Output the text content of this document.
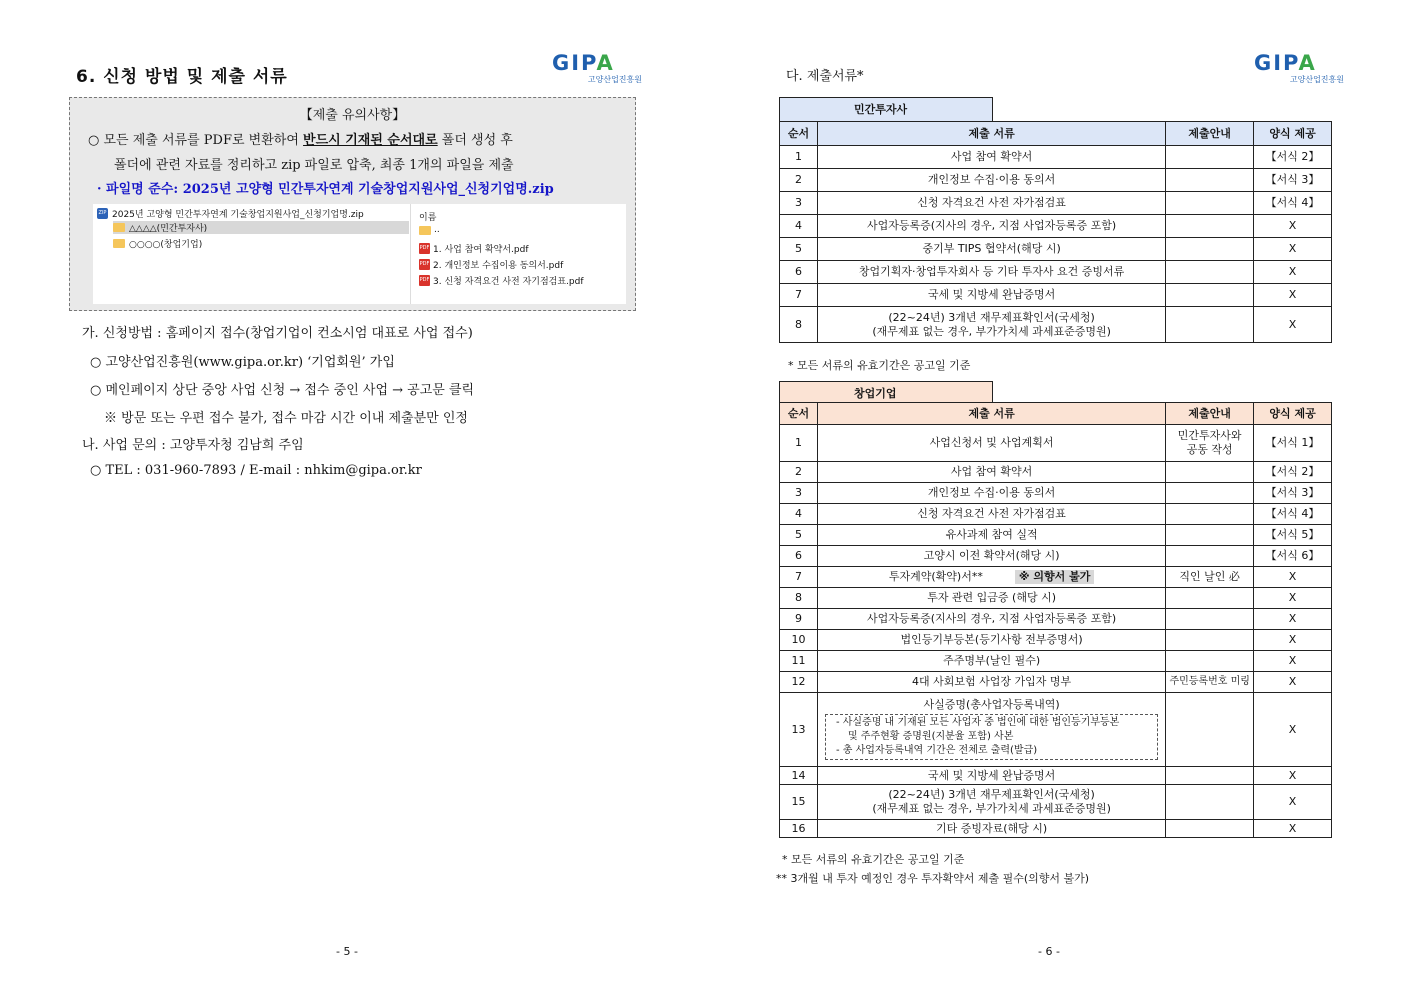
6. 신청 방법 및 제출 서류
GIPA
고양산업진흥원
【제출 유의사항】
○ 모든 제출 서류를 PDF로 변환하여 반드시 기재된 순서대로 폴더 생성 후
폴더에 관련 자료를 정리하고 zip 파일로 압축, 최종 1개의 파일을 제출
· 파일명 준수: 2025년 고양형 민간투자연계 기술창업지원사업_신청기업명.zip
ZIP 2025년 고양형 민간투자연계 기술창업지원사업_신청기업명.zip
△△△△(민간투자사)
○○○○(창업기업)
이름
..
PDF 1. 사업 참여 확약서.pdf
PDF 2. 개인정보 수집이용 동의서.pdf
PDF 3. 신청 자격요건 사전 자기점검표.pdf
가. 신청방법 : 홈페이지 접수(창업기업이 컨소시엄 대표로 사업 접수)
○ 고양산업진흥원(www.gipa.or.kr) ‘기업회원’ 가입
○ 메인페이지 상단 중앙 사업 신청 → 접수 중인 사업 → 공고문 클릭
※ 방문 또는 우편 접수 불가, 접수 마감 시간 이내 제출분만 인정
나. 사업 문의 : 고양투자청 김남희 주임
○ TEL : 031-960-7893 / E-mail : nhkim@gipa.or.kr
- 5 -
다. 제출서류*
GIPA
고양산업진흥원
민간투자사
순서	제출 서류	제출안내	양식 제공
1	사업 참여 확약서		【서식 2】
2	개인정보 수집·이용 동의서		【서식 3】
3	신청 자격요건 사전 자가점검표		【서식 4】
4	사업자등록증(지사의 경우, 지점 사업자등록증 포함)		X
5	중기부 TIPS 협약서(해당 시)		X
6	창업기획자·창업투자회사 등 기타 투자사 요건 증빙서류		X
7	국세 및 지방세 완납증명서		X
8	(22~24년) 3개년 재무제표확인서(국세청)
(재무제표 없는 경우, 부가가치세 과세표준증명원)		X
* 모든 서류의 유효기간은 공고일 기준
창업기업
순서	제출 서류	제출안내	양식 제공
1	사업신청서 및 사업계획서	민간투자사와
공동 작성	【서식 1】
2	사업 참여 확약서		【서식 2】
3	개인정보 수집·이용 동의서		【서식 3】
4	신청 자격요건 사전 자가점검표		【서식 4】
5	유사과제 참여 실적		【서식 5】
6	고양시 이전 확약서(해당 시)		【서식 6】
7	투자계약(확약)서** ※ 의향서 불가	직인 날인 必	X
8	투자 관련 입금증 (해당 시)		X
9	사업자등록증(지사의 경우, 지점 사업자등록증 포함)		X
10	법인등기부등본(등기사항 전부증명서)		X
11	주주명부(날인 필수)		X
12	4대 사회보험 사업장 가입자 명부	주민등록번호 미링	X
13	사실증명(총사업자등록내역)
- 사실증명 내 기재된 모든 사업자 중 법인에 대한 법인등기부등본
및 주주현황 증명원(지분율 포함) 사본
- 총 사업자등록내역 기간은 전체로 출력(발급)		X
14	국세 및 지방세 완납증명서		X
15	(22~24년) 3개년 재무제표확인서(국세청)
(재무제표 없는 경우, 부가가치세 과세표준증명원)		X
16	기타 증빙자료(해당 시)		X
* 모든 서류의 유효기간은 공고일 기준
** 3개월 내 투자 예정인 경우 투자확약서 제출 필수(의향서 불가)
- 6 -
